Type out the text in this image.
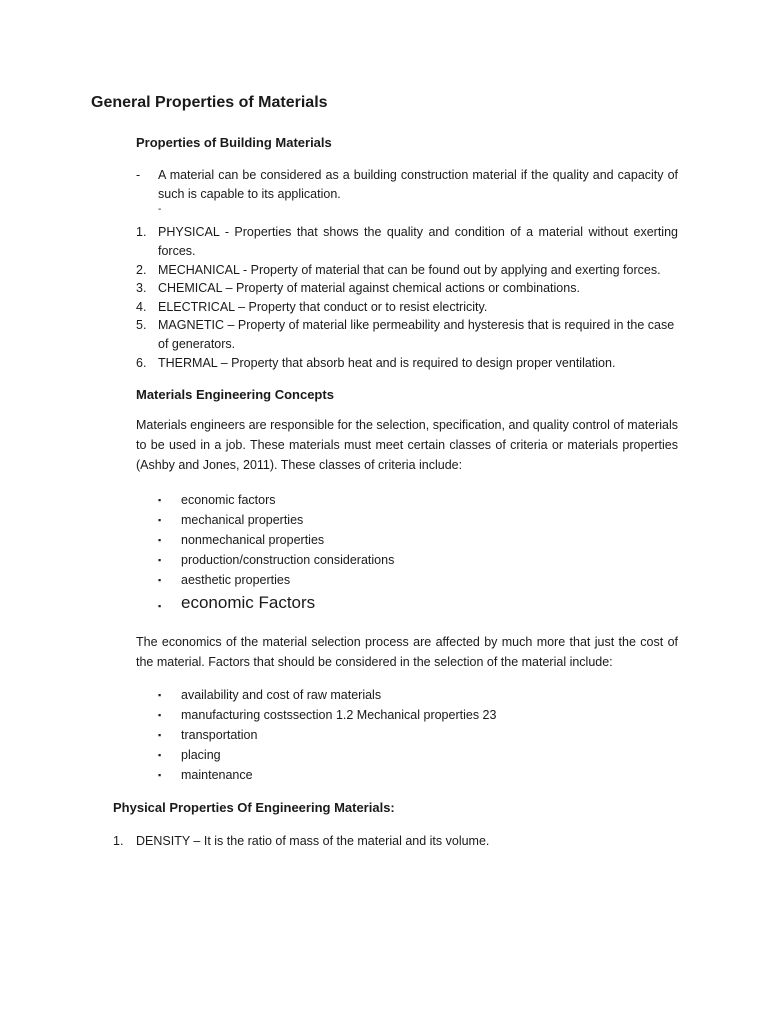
General Properties of Materials
Properties of Building Materials
-	A material can be considered as a building construction material if the quality and capacity of such is capable to its application.
-
1. PHYSICAL - Properties that shows the quality and condition of a material without exerting forces.
2. MECHANICAL - Property of material that can be found out by applying and exerting forces.
3. CHEMICAL – Property of material against chemical actions or combinations.
4. ELECTRICAL – Property that conduct or to resist electricity.
5. MAGNETIC – Property of material like permeability and hysteresis that is required in the case of generators.
6. THERMAL – Property that absorb heat and is required to design proper ventilation.
Materials Engineering Concepts
Materials engineers are responsible for the selection, specification, and quality control of materials to be used in a job. These materials must meet certain classes of criteria or materials properties (Ashby and Jones, 2011). These classes of criteria include:
▪ economic factors
▪ mechanical properties
▪ nonmechanical properties
▪ production/construction considerations
▪ aesthetic properties
▪ economic Factors
The economics of the material selection process are affected by much more that just the cost of the material. Factors that should be considered in the selection of the material include:
▪ availability and cost of raw materials
▪ manufacturing costssection 1.2 Mechanical properties 23
▪ transportation
▪ placing
▪ maintenance
Physical Properties Of Engineering Materials:
1.	DENSITY – It is the ratio of mass of the material and its volume.
